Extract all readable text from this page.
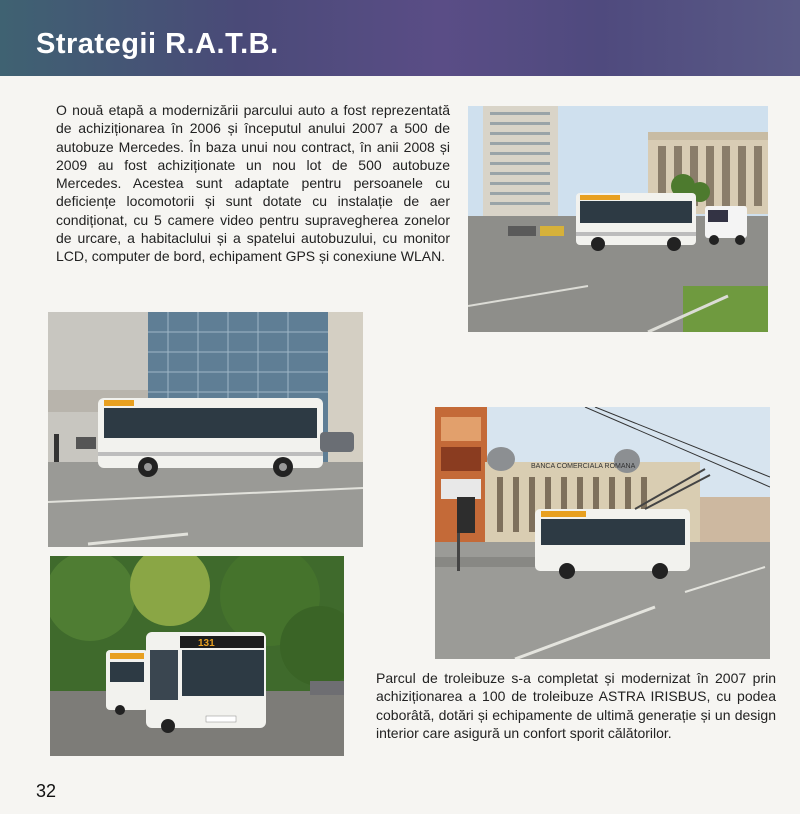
Strategii R.A.T.B.
O nouă etapă a modernizării parcului auto a fost reprezentată de achiziționarea în 2006 și începutul anului 2007 a 500 de autobuze Mercedes. În baza unui nou contract, în anii 2008 și 2009 au fost achiziționate un nou lot de 500 autobuze Mercedes. Acestea sunt adaptate pentru persoanele cu deficiențe locomotorii și sunt dotate cu instalație de aer condiționat, cu 5 camere video pentru supravegherea zonelor de urcare, a habitaclului și a spatelui autobuzului, cu monitor LCD, computer de bord, echipament GPS și conexiune WLAN.
BANCA COMERCIALA ROMANA
131
Parcul de troleibuze s-a completat și modernizat în 2007 prin achiziționarea a 100 de troleibuze ASTRA IRISBUS, cu podea coborâtă, dotări și echipamente de ultimă generație și un design interior care asigură un confort sporit călătorilor.
32
